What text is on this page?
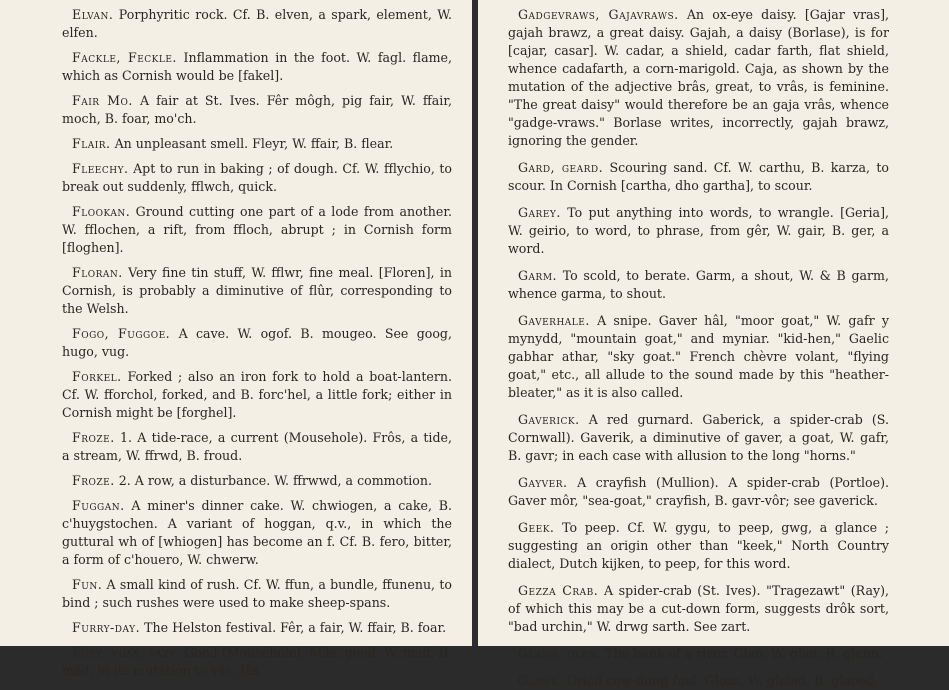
Elvan. Porphyritic rock. Cf. B. elven, a spark, element, W. elfen.

Fackle, Feckle. Inflammation in the foot. W. fagl. flame, which as Cornish would be [fakel].

Fair Mo. A fair at St. Ives. Fêr môgh, pig fair, W. ffair, moch, B. foar, mo'ch.

Flair. An unpleasant smell. Fleyr, W. ffair, B. flear.

Fleechy. Apt to run in baking ; of dough. Cf. W. fflychio, to break out suddenly, fflwch, quick.

Flookan. Ground cutting one part of a lode from another. W. fflochen, a rift, from ffloch, abrupt ; in Cornish form [floghen].

Floran. Very fine tin stuff, W. fflwr, fine meal. [Floren], in Cornish, is probably a diminutive of flûr, corresponding to the Welsh.

Fogo, Fuggoe. A cave. W. ogof. B. mougeo. See goog, hugo, vug.

Forkel. Forked ; also an iron fork to hold a boat-lantern. Cf. W. fforchol, forked, and B. forc'hel, a little fork; either in Cornish might be [forghel].

Froze. 1. A tide-race, a current (Mousehole). Frôs, a tide, a stream, W. ffrwd, B. froud.

Froze. 2. A row, a disturbance. W. ffrwwd, a commotion.

Fuggan. A miner's dinner cake. W. chwiogen, a cake, B. c'huygstochen. A variant of hoggan, q.v., in which the guttural wh of [whiogen] has become an f. Cf. B. fero, bitter, a form of c'houero, W. chwerw.

Fun. A small kind of rush. Cf. W. ffun, a bundle, ffunenu, to bind ; such rushes were used to make sheep-spans.

Furry-day. The Helston festival. Fêr, a fair, W. ffair, B. foar.

Fusy, vusy, vazy. Good (Mousehole). Mâs, good. W. mad, B. mâd, in its mutation to vâs, fâs.

Gadgevraws, Gajavraws. An ox-eye daisy. [Gajar vras], gajah brawz, a great daisy. Gajah, a daisy (Borlase), is for [cajar, casar]. W. cadar, a shield, cadar farth, flat shield, whence cadafarth, a corn-marigold. Caja, as shown by the mutation of the adjective brâs, great, to vrâs, is feminine. "The great daisy" would therefore be an gaja vrâs, whence "gadge-vraws." Borlase writes, incorrectly, gajah brawz, ignoring the gender.

Gard, geard. Scouring sand. Cf. W. carthu, B. karza, to scour. In Cornish [cartha, dho gartha], to scour.

Garey. To put anything into words, to wrangle. [Geria], W. geirio, to word, to phrase, from gêr, W. gair, B. ger, a word.

Garm. To scold, to berate. Garm, a shout, W. & B garm, whence garma, to shout.

Gaverhale. A snipe. Gaver hâl, "moor goat," W. gafr y mynydd, "mountain goat," and myniar. "kid-hen," Gaelic gabhar athar, "sky goat." French chèvre volant, "flying goat," etc., all allude to the sound made by this "heather-bleater," as it is also called.

Gaverick. A red gurnard. Gaberick, a spider-crab (S. Cornwall). Gaverik, a diminutive of gaver, a goat, W. gafr, B. gavr; in each case with allusion to the long "horns."

Gayver. A crayfish (Mullion). A spider-crab (Portloe). Gaver môr, "sea-goat," crayfish, B. gavr-vôr; see gaverick.

Geek. To peep. Cf. W. gygu, to peep, gwg, a glance ; suggesting an origin other than "keek," North Country dialect, Dutch kijken, to peep, for this word.

Gezza Crab. A spider-crab (St. Ives). "Tragezawt" (Ray), of which this may be a cut-down form, suggests drôk sort, "bad urchin," W. drwg sarth. See zart.

Gland, glan. The bank of a river. Glan, W. glan, B. glann.

Glaws. Dried cow-dung fuel. Gloas, W. gleiad, B. glaoed,
